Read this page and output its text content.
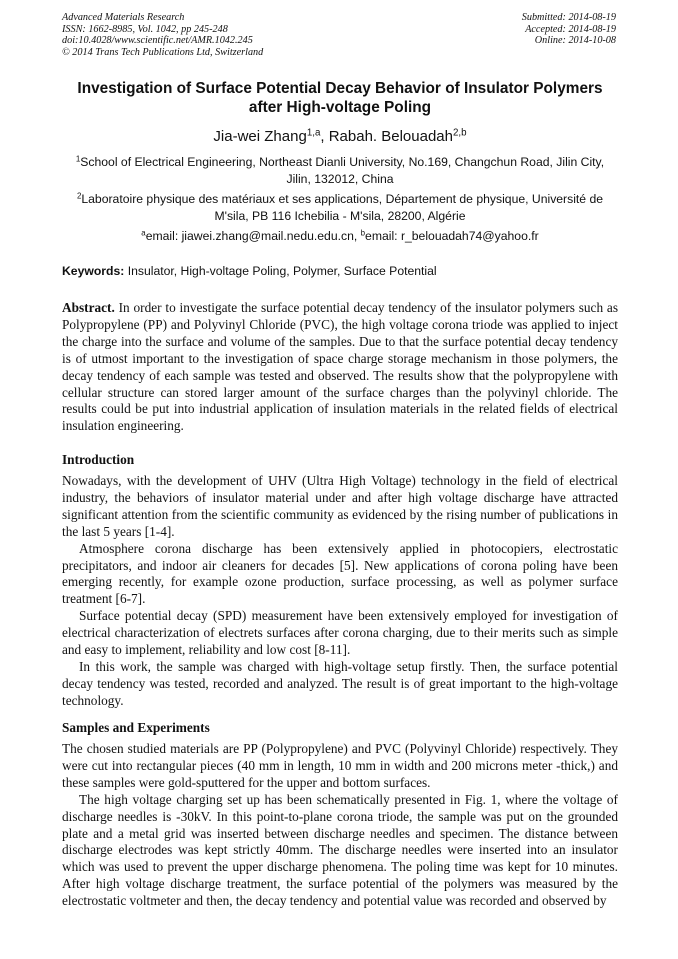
Advanced Materials Research
ISSN: 1662-8985, Vol. 1042, pp 245-248
doi:10.4028/www.scientific.net/AMR.1042.245
© 2014 Trans Tech Publications Ltd, Switzerland
Submitted: 2014-08-19
Accepted: 2014-08-19
Online: 2014-10-08
Investigation of Surface Potential Decay Behavior of Insulator Polymers
after High-voltage Poling
Jia-wei Zhang$^{1,a}$, Rabah. Belouadah$^{2,b}$
$^1$School of Electrical Engineering, Northeast Dianli University, No.169, Changchun Road, Jilin City,
Jilin, 132012, China
$^2$Laboratoire physique des matériaux et ses applications, Département de physique, Université de
M'sila, PB 116 Ichebilia - M'sila, 28200, Algérie
$^a$email: jiawei.zhang@mail.nedu.edu.cn, $^b$email: r_belouadah74@yahoo.fr
Keywords: Insulator, High-voltage Poling, Polymer, Surface Potential

Abstract. In order to investigate the surface potential decay tendency of the insulator polymers such as Polypropylene (PP) and Polyvinyl Chloride (PVC), the high voltage corona triode was applied to inject the charge into the surface and volume of the samples. Due to that the surface potential decay tendency is of utmost important to the investigation of space charge storage mechanism in those polymers, the decay tendency of each sample was tested and observed. The results show that the polypropylene with cellular structure can stored larger amount of the surface charges than the polyvinyl chloride. The results could be put into industrial application of insulation materials in the related fields of electrical insulation engineering.

Introduction

Nowadays, with the development of UHV (Ultra High Voltage) technology in the field of electrical industry, the behaviors of insulator material under and after high voltage discharge have attracted significant attention from the scientific community as evidenced by the rising number of publications in the last 5 years [1-4].

Atmosphere corona discharge has been extensively applied in photocopiers, electrostatic precipitators, and indoor air cleaners for decades [5]. New applications of corona poling have been emerging recently, for example ozone production, surface processing, as well as polymer surface treatment [6-7].

Surface potential decay (SPD) measurement have been extensively employed for investigation of electrical characterization of electrets surfaces after corona charging, due to their merits such as simple and easy to implement, reliability and low cost [8-11].

In this work, the sample was charged with high-voltage setup firstly. Then, the surface potential decay tendency was tested, recorded and analyzed. The result is of great important to the high-voltage technology.

Samples and Experiments

The chosen studied materials are PP (Polypropylene) and PVC (Polyvinyl Chloride) respectively. They were cut into rectangular pieces (40 mm in length, 10 mm in width and 200 microns meter -thick,) and these samples were gold-sputtered for the upper and bottom surfaces.

The high voltage charging set up has been schematically presented in Fig. 1, where the voltage of discharge needles is -30kV. In this point-to-plane corona triode, the sample was put on the grounded plate and a metal grid was inserted between discharge needles and specimen. The distance between discharge electrodes was kept strictly 40mm. The discharge needles were inserted into an insulator which was used to prevent the upper discharge phenomena. The poling time was kept for 10 minutes. After high voltage discharge treatment, the surface potential of the polymers was measured by the electrostatic voltmeter and then, the decay tendency and potential value was recorded and observed by
